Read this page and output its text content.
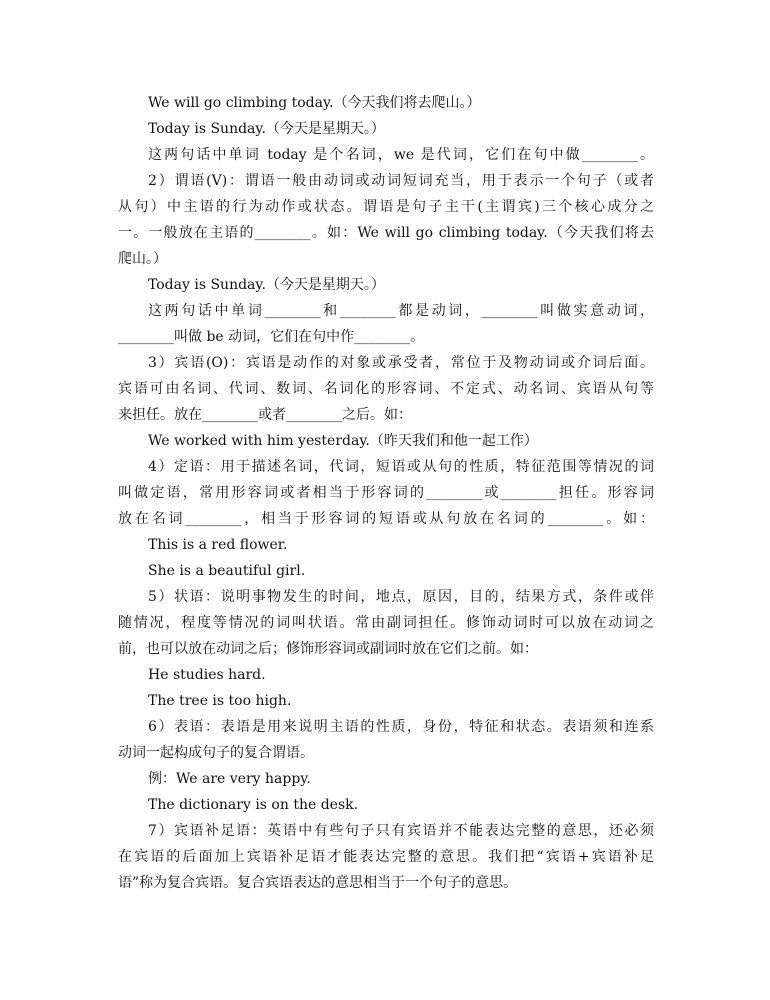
We will go climbing today.（今天我们将去爬山。）

Today is Sunday.（今天是星期天。）

这两句话中单词 today 是个名词，we 是代词，它们在句中做________。

2）谓语(V)：谓语一般由动词或动词短词充当，用于表示一个句子（或者

从句）中主语的行为动作或状态。谓语是句子主干(主谓宾)三个核心成分之

一。一般放在主语的________。如：We will go climbing today.（今天我们将去

爬山。）

Today is Sunday.（今天是星期天。）

这两句话中单词________和________都是动词，________叫做实意动词，

________叫做 be 动词，它们在句中作________。

3）宾语(O)：宾语是动作的对象或承受者，常位于及物动词或介词后面。

宾语可由名词、代词、数词、名词化的形容词、不定式、动名词、宾语从句等

来担任。放在________或者________之后。如：

We worked with him yesterday.（昨天我们和他一起工作）

4）定语：用于描述名词，代词，短语或从句的性质，特征范围等情况的词

叫做定语，常用形容词或者相当于形容词的________或________担任。形容词

放在名词________，相当于形容词的短语或从句放在名词的________。如：

This is a red flower.

She is a beautiful girl.

5）状语：说明事物发生的时间，地点，原因，目的，结果方式，条件或伴

随情况，程度等情况的词叫状语。常由副词担任。修饰动词时可以放在动词之

前，也可以放在动词之后；修饰形容词或副词时放在它们之前。如：

He studies hard.

The tree is too high.

6）表语：表语是用来说明主语的性质，身份，特征和状态。表语须和连系

动词一起构成句子的复合谓语。

例：We are very happy.

The dictionary is on the desk.

7）宾语补足语：英语中有些句子只有宾语并不能表达完整的意思，还必须

在宾语的后面加上宾语补足语才能表达完整的意思。我们把“宾语+宾语补足

语”称为复合宾语。复合宾语表达的意思相当于一个句子的意思。
